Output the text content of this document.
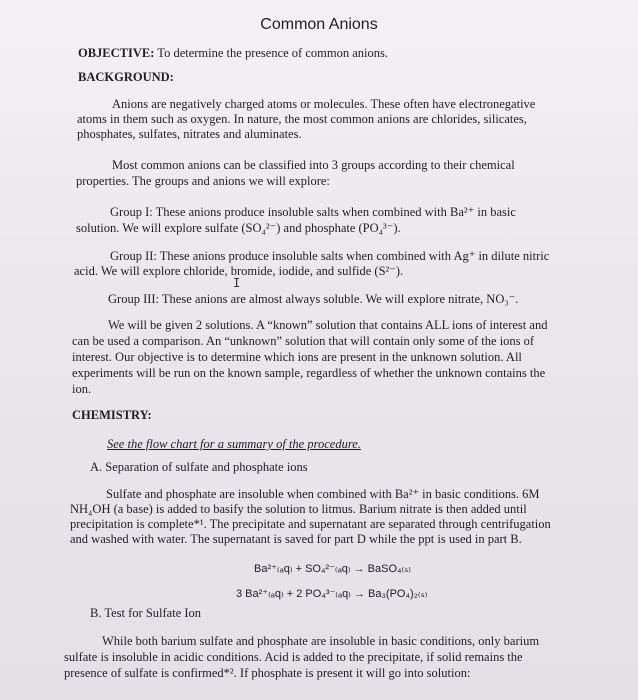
Common Anions
OBJECTIVE: To determine the presence of common anions.
BACKGROUND:
Anions are negatively charged atoms or molecules. These often have electronegative
atoms in them such as oxygen. In nature, the most common anions are chlorides, silicates,
phosphates, sulfates, nitrates and aluminates.
Most common anions can be classified into 3 groups according to their chemical
properties. The groups and anions we will explore:
Group I: These anions produce insoluble salts when combined with Ba²⁺ in basic
solution. We will explore sulfate (SO₄²⁻) and phosphate (PO₄³⁻).
Group II: These anions produce insoluble salts when combined with Ag⁺ in dilute nitric
acid. We will explore chloride, bromide, iodide, and sulfide (S²⁻).
I
Group III: These anions are almost always soluble. We will explore nitrate, NO₃⁻.
We will be given 2 solutions. A “known” solution that contains ALL ions of interest and
can be used a comparison. An “unknown” solution that will contain only some of the ions of
interest. Our objective is to determine which ions are present in the unknown solution. All
experiments will be run on the known sample, regardless of whether the unknown contains the
ion.
CHEMISTRY:
See the flow chart for a summary of the procedure.
A. Separation of sulfate and phosphate ions
Sulfate and phosphate are insoluble when combined with Ba²⁺ in basic conditions. 6M
NH₄OH (a base) is added to basify the solution to litmus. Barium nitrate is then added until
precipitation is complete*¹. The precipitate and supernatant are separated through centrifugation
and washed with water. The supernatant is saved for part D while the ppt is used in part B.
Ba²⁺₍ₐq₎ + SO₄²⁻₍ₐq₎ → BaSO₄₍ₛ₎
3 Ba²⁺₍ₐq₎ + 2 PO₄³⁻₍ₐq₎ → Ba₃(PO₄)₂₍ₛ₎
B. Test for Sulfate Ion
While both barium sulfate and phosphate are insoluble in basic conditions, only barium
sulfate is insoluble in acidic conditions. Acid is added to the precipitate, if solid remains the
presence of sulfate is confirmed*². If phosphate is present it will go into solution:
